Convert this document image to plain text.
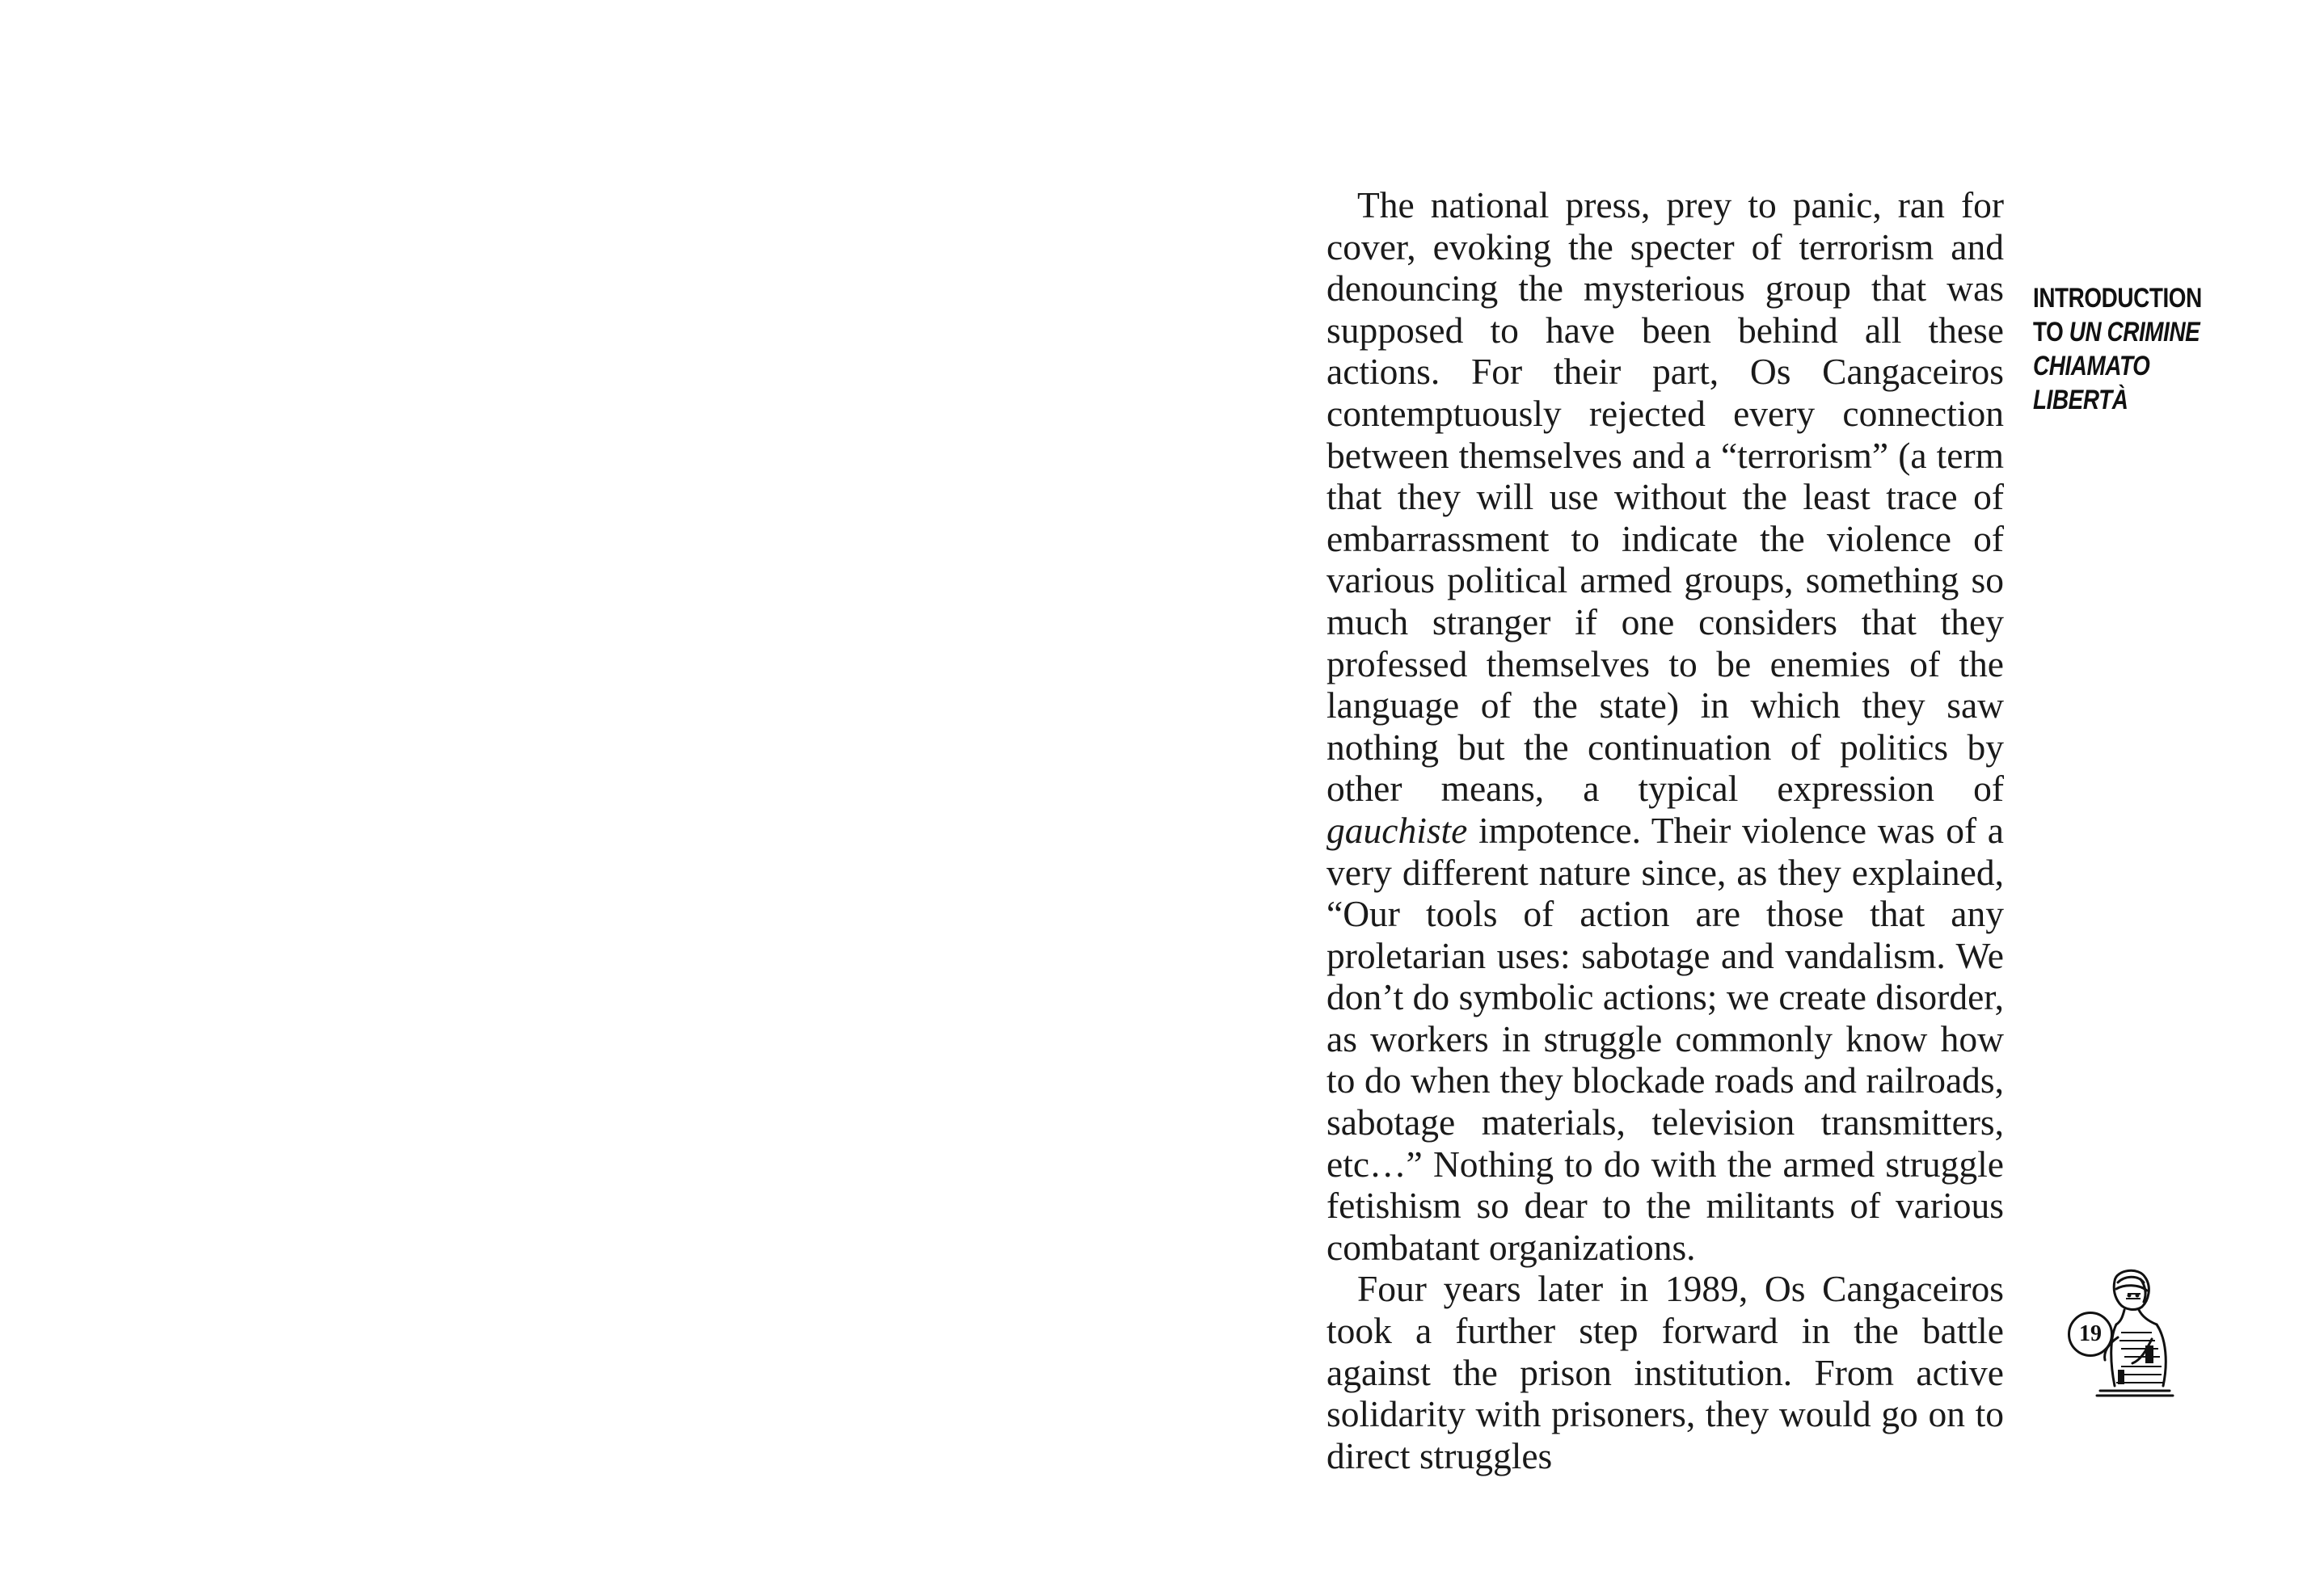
The national press, prey to panic, ran for cover, evoking the specter of terrorism and denouncing the mysterious group that was supposed to have been behind all these actions. For their part, Os Cangaceiros contemptuously rejected every connection between themselves and a “terrorism” (a term that they will use without the least trace of embarrassment to indicate the violence of various political armed groups, something so much stranger if one considers that they professed themselves to be enemies of the language of the state) in which they saw nothing but the continuation of politics by other means, a typical expression of gauchiste impotence. Their violence was of a very different nature since, as they explained, “Our tools of action are those that any proletarian uses: sabotage and vandalism. We don’t do symbolic actions; we create disorder, as workers in struggle commonly know how to do when they blockade roads and railroads, sabotage materials, television transmitters, etc…” Nothing to do with the armed struggle fetishism so dear to the militants of various combatant organizations.

Four years later in 1989, Os Cangaceiros took a further step forward in the battle against the prison institution. From active solidarity with prisoners, they would go on to direct struggles

INTRODUCTION
TO UN CRIMINE
CHIAMATO
LIBERTÀ
19
